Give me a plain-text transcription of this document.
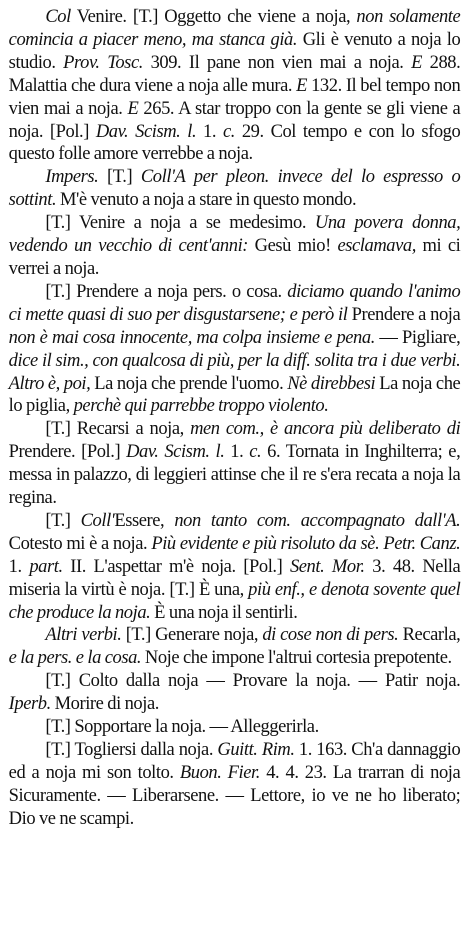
Col Venire. [T.] Oggetto che viene a noja, non solamente comincia a piacer meno, ma stanca già. Gli è venuto a noja lo studio. Prov. Tosc. 309. Il pane non vien mai a noja. E 288. Malattia che dura viene a noja alle mura. E 132. Il bel tempo non vien mai a noja. E 265. A star troppo con la gente se gli viene a noja. [Pol.] Dav. Scism. l. 1. c. 29. Col tempo e con lo sfogo questo folle amore verrebbe a noja.

Impers. [T.] Coll'A per pleon. invece del lo espresso o sottint. M'è venuto a noja a stare in questo mondo.

[T.] Venire a noja a se medesimo. Una povera donna, vedendo un vecchio di cent'anni: Gesù mio! esclamava, mi ci verrei a noja.

[T.] Prendere a noja pers. o cosa. diciamo quando l'animo ci mette quasi di suo per disgustarsene; e però il Prendere a noja non è mai cosa innocente, ma colpa insieme e pena. — Pigliare, dice il sim., con qualcosa di più, per la diff. solita tra i due verbi. Altro è, poi, La noja che prende l'uomo. Nè direbbesi La noja che lo piglia, perchè qui parrebbe troppo violento.

[T.] Recarsi a noja, men com., è ancora più deliberato di Prendere. [Pol.] Dav. Scism. l. 1. c. 6. Tornata in Inghilterra; e, messa in palazzo, di leggieri attinse che il re s'era recata a noja la regina.

[T.] Coll'Essere, non tanto com. accompagnato dall'A. Cotesto mi è a noja. Più evidente e più risoluto da sè. Petr. Canz. 1. part. II. L'aspettar m'è noja. [Pol.] Sent. Mor. 3. 48. Nella miseria la virtù è noja. [T.] È una, più enf., e denota sovente quel che produce la noja. È una noja il sentirli.

Altri verbi. [T.] Generare noja, di cose non di pers. Recarla, e la pers. e la cosa. Noje che impone l'altrui cortesia prepotente.

[T.] Colto dalla noja — Provare la noja. — Patir noja. Iperb. Morire di noja.

[T.] Sopportare la noja. — Alleggerirla.

[T.] Togliersi dalla noja. Guitt. Rim. 1. 163. Ch'a dannaggio ed a noja mi son tolto. Buon. Fier. 4. 4. 23. La trarran di noja Sicuramente. — Liberarsene. — Lettore, io ve ne ho liberato; Dio ve ne scampi.
